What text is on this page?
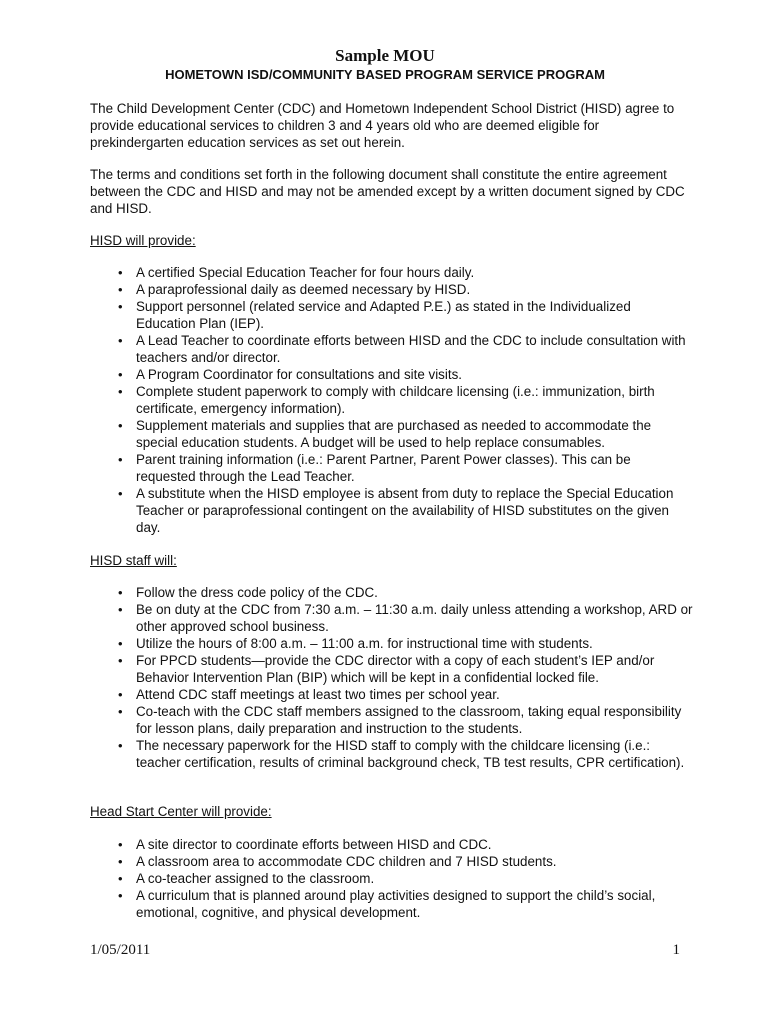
Sample MOU
HOMETOWN ISD/COMMUNITY BASED PROGRAM SERVICE PROGRAM

The Child Development Center (CDC) and Hometown Independent School District (HISD) agree to provide educational services to children 3 and 4 years old who are deemed eligible for prekindergarten education services as set out herein.

The terms and conditions set forth in the following document shall constitute the entire agreement between the CDC and HISD and may not be amended except by a written document signed by CDC and HISD.

HISD will provide:

• A certified Special Education Teacher for four hours daily.
• A paraprofessional daily as deemed necessary by HISD.
• Support personnel (related service and Adapted P.E.) as stated in the Individualized Education Plan (IEP).
• A Lead Teacher to coordinate efforts between HISD and the CDC to include consultation with teachers and/or director.
• A Program Coordinator for consultations and site visits.
• Complete student paperwork to comply with childcare licensing (i.e.: immunization, birth certificate, emergency information).
• Supplement materials and supplies that are purchased as needed to accommodate the special education students. A budget will be used to help replace consumables.
• Parent training information (i.e.: Parent Partner, Parent Power classes). This can be requested through the Lead Teacher.
• A substitute when the HISD employee is absent from duty to replace the Special Education Teacher or paraprofessional contingent on the availability of HISD substitutes on the given day.

HISD staff will:

• Follow the dress code policy of the CDC.
• Be on duty at the CDC from 7:30 a.m. – 11:30 a.m. daily unless attending a workshop, ARD or other approved school business.
• Utilize the hours of 8:00 a.m. – 11:00 a.m. for instructional time with students.
• For PPCD students—provide the CDC director with a copy of each student’s IEP and/or Behavior Intervention Plan (BIP) which will be kept in a confidential locked file.
• Attend CDC staff meetings at least two times per school year.
• Co-teach with the CDC staff members assigned to the classroom, taking equal responsibility for lesson plans, daily preparation and instruction to the students.
• The necessary paperwork for the HISD staff to comply with the childcare licensing (i.e.: teacher certification, results of criminal background check, TB test results, CPR certification).

Head Start Center will provide:

• A site director to coordinate efforts between HISD and CDC.
• A classroom area to accommodate CDC children and 7 HISD students.
• A co-teacher assigned to the classroom.
• A curriculum that is planned around play activities designed to support the child’s social, emotional, cognitive, and physical development.
1/05/2011	1
